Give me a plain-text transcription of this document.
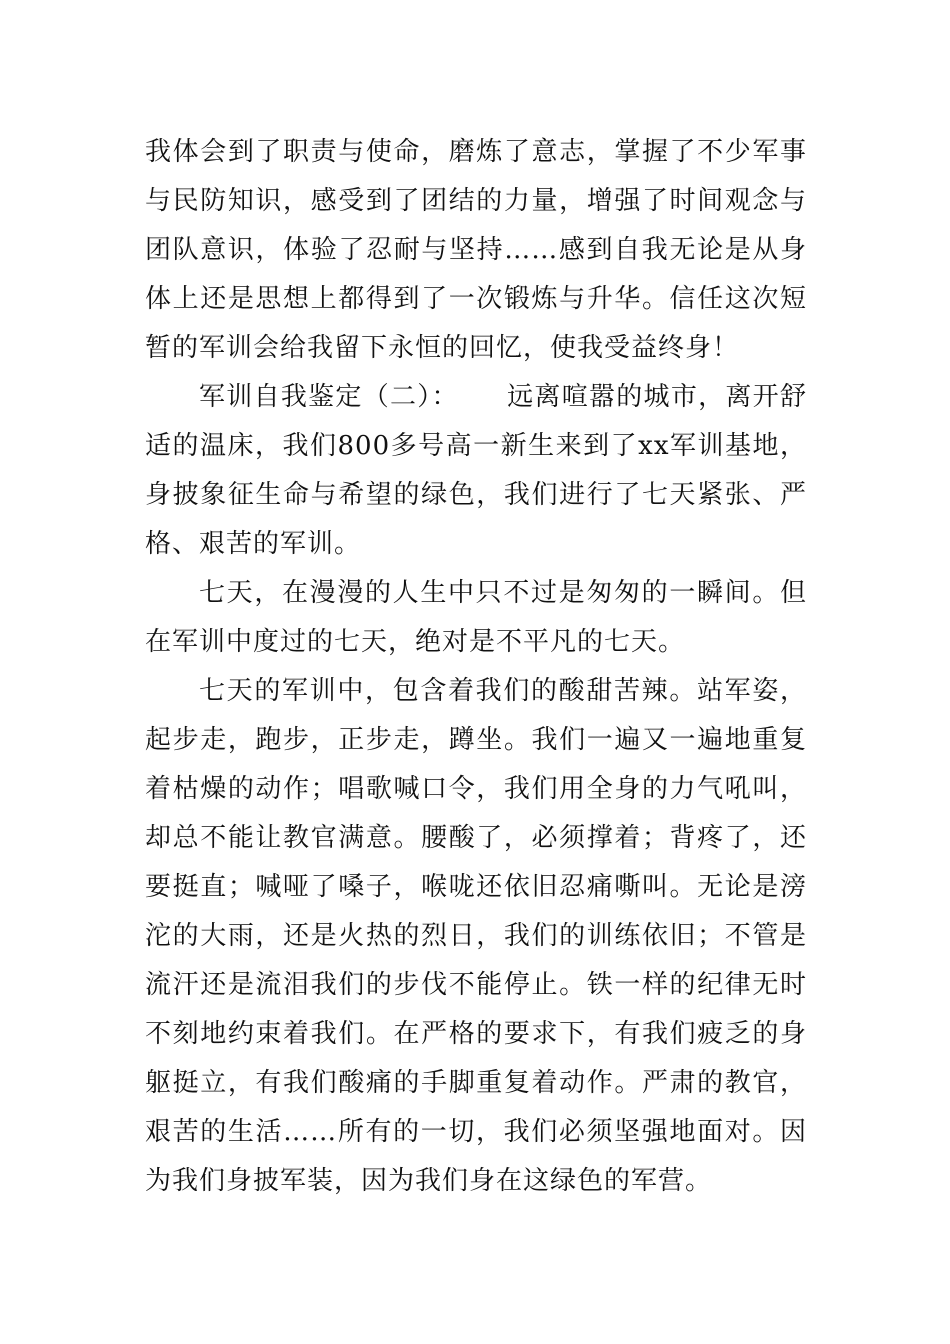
我体会到了职责与使命，磨炼了意志，掌握了不少军事与民防知识，感受到了团结的力量，增强了时间观念与团队意识，体验了忍耐与坚持……感到自我无论是从身体上还是思想上都得到了一次锻炼与升华。信任这次短暂的军训会给我留下永恒的回忆，使我受益终身！

军训自我鉴定（二）： 远离喧嚣的城市，离开舒适的温床，我们800多号高一新生来到了xx军训基地，身披象征生命与希望的绿色，我们进行了七天紧张、严格、艰苦的军训。

七天，在漫漫的人生中只不过是匆匆的一瞬间。但在军训中度过的七天，绝对是不平凡的七天。

七天的军训中，包含着我们的酸甜苦辣。站军姿，起步走，跑步，正步走，蹲坐。我们一遍又一遍地重复着枯燥的动作；唱歌喊口令，我们用全身的力气吼叫，却总不能让教官满意。腰酸了，必须撑着；背疼了，还要挺直；喊哑了嗓子，喉咙还依旧忍痛嘶叫。无论是滂沱的大雨，还是火热的烈日，我们的训练依旧；不管是流汗还是流泪我们的步伐不能停止。铁一样的纪律无时不刻地约束着我们。在严格的要求下，有我们疲乏的身躯挺立，有我们酸痛的手脚重复着动作。严肃的教官，艰苦的生活……所有的一切，我们必须坚强地面对。因为我们身披军装，因为我们身在这绿色的军营。
